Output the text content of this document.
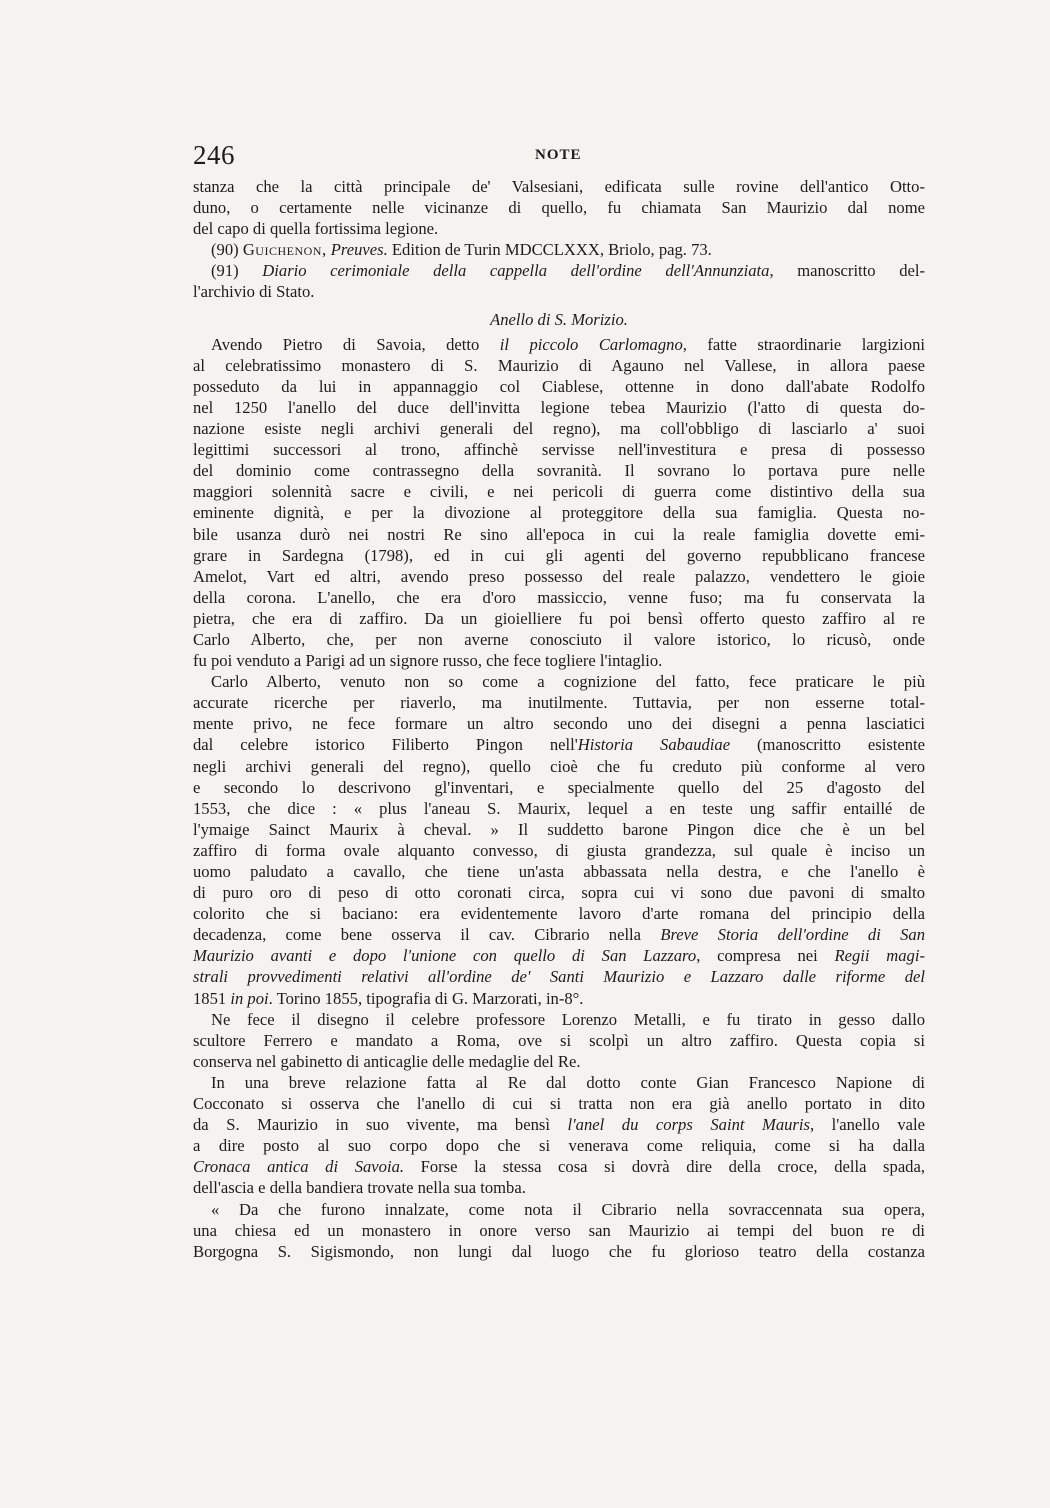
246	NOTE

stanza che la città principale de' Valsesiani, edificata sulle rovine dell'antico Otto-
duno, o certamente nelle vicinanze di quello, fu chiamata San Maurizio dal nome
del capo di quella fortissima legione.

(90) Guichenon, Preuves. Edition de Turin MDCCLXXX, Briolo, pag. 73.

(91) Diario cerimoniale della cappella dell'ordine dell'Annunziata, manoscritto del-
l'archivio di Stato.

Anello di S. Morizio.

Avendo Pietro di Savoia, detto il piccolo Carlomagno, fatte straordinarie largizioni
al celebratissimo monastero di S. Maurizio di Agauno nel Vallese, in allora paese
posseduto da lui in appannaggio col Ciablese, ottenne in dono dall'abate Rodolfo
nel 1250 l'anello del duce dell'invitta legione tebea Maurizio (l'atto di questa do-
nazione esiste negli archivi generali del regno), ma coll'obbligo di lasciarlo a' suoi
legittimi successori al trono, affinchè servisse nell'investitura e presa di possesso
del dominio come contrassegno della sovranità. Il sovrano lo portava pure nelle
maggiori solennità sacre e civili, e nei pericoli di guerra come distintivo della sua
eminente dignità, e per la divozione al proteggitore della sua famiglia. Questa no-
bile usanza durò nei nostri Re sino all'epoca in cui la reale famiglia dovette emi-
grare in Sardegna (1798), ed in cui gli agenti del governo repubblicano francese
Amelot, Vart ed altri, avendo preso possesso del reale palazzo, vendettero le gioie
della corona. L'anello, che era d'oro massiccio, venne fuso; ma fu conservata la
pietra, che era di zaffiro. Da un gioielliere fu poi bensì offerto questo zaffiro al re
Carlo Alberto, che, per non averne conosciuto il valore istorico, lo ricusò, onde
fu poi venduto a Parigi ad un signore russo, che fece togliere l'intaglio.

Carlo Alberto, venuto non so come a cognizione del fatto, fece praticare le più
accurate ricerche per riaverlo, ma inutilmente. Tuttavia, per non esserne total-
mente privo, ne fece formare un altro secondo uno dei disegni a penna lasciatici
dal celebre istorico Filiberto Pingon nell'Historia Sabaudiae (manoscritto esistente
negli archivi generali del regno), quello cioè che fu creduto più conforme al vero
e secondo lo descrivono gl'inventari, e specialmente quello del 25 d'agosto del
1553, che dice : « plus l'aneau S. Maurix, lequel a en teste ung saffir entaillé de
l'ymaige Sainct Maurix à cheval. » Il suddetto barone Pingon dice che è un bel
zaffiro di forma ovale alquanto convesso, di giusta grandezza, sul quale è inciso un
uomo paludato a cavallo, che tiene un'asta abbassata nella destra, e che l'anello è
di puro oro di peso di otto coronati circa, sopra cui vi sono due pavoni di smalto
colorito che si baciano: era evidentemente lavoro d'arte romana del principio della
decadenza, come bene osserva il cav. Cibrario nella Breve Storia dell'ordine di San
Maurizio avanti e dopo l'unione con quello di San Lazzaro, compresa nei Regii magi-
strali provvedimenti relativi all'ordine de' Santi Maurizio e Lazzaro dalle riforme del
1851 in poi. Torino 1855, tipografia di G. Marzorati, in-8°.

Ne fece il disegno il celebre professore Lorenzo Metalli, e fu tirato in gesso dallo
scultore Ferrero e mandato a Roma, ove si scolpì un altro zaffiro. Questa copia si
conserva nel gabinetto di anticaglie delle medaglie del Re.

In una breve relazione fatta al Re dal dotto conte Gian Francesco Napione di
Cocconato si osserva che l'anello di cui si tratta non era già anello portato in dito
da S. Maurizio in suo vivente, ma bensì l'anel du corps Saint Mauris, l'anello vale
a dire posto al suo corpo dopo che si venerava come reliquia, come si ha dalla
Cronaca antica di Savoia. Forse la stessa cosa si dovrà dire della croce, della spada,
dell'ascia e della bandiera trovate nella sua tomba.

« Da che furono innalzate, come nota il Cibrario nella sovraccennata sua opera,
una chiesa ed un monastero in onore verso san Maurizio ai tempi del buon re di
Borgogna S. Sigismondo, non lungi dal luogo che fu glorioso teatro della costanza
